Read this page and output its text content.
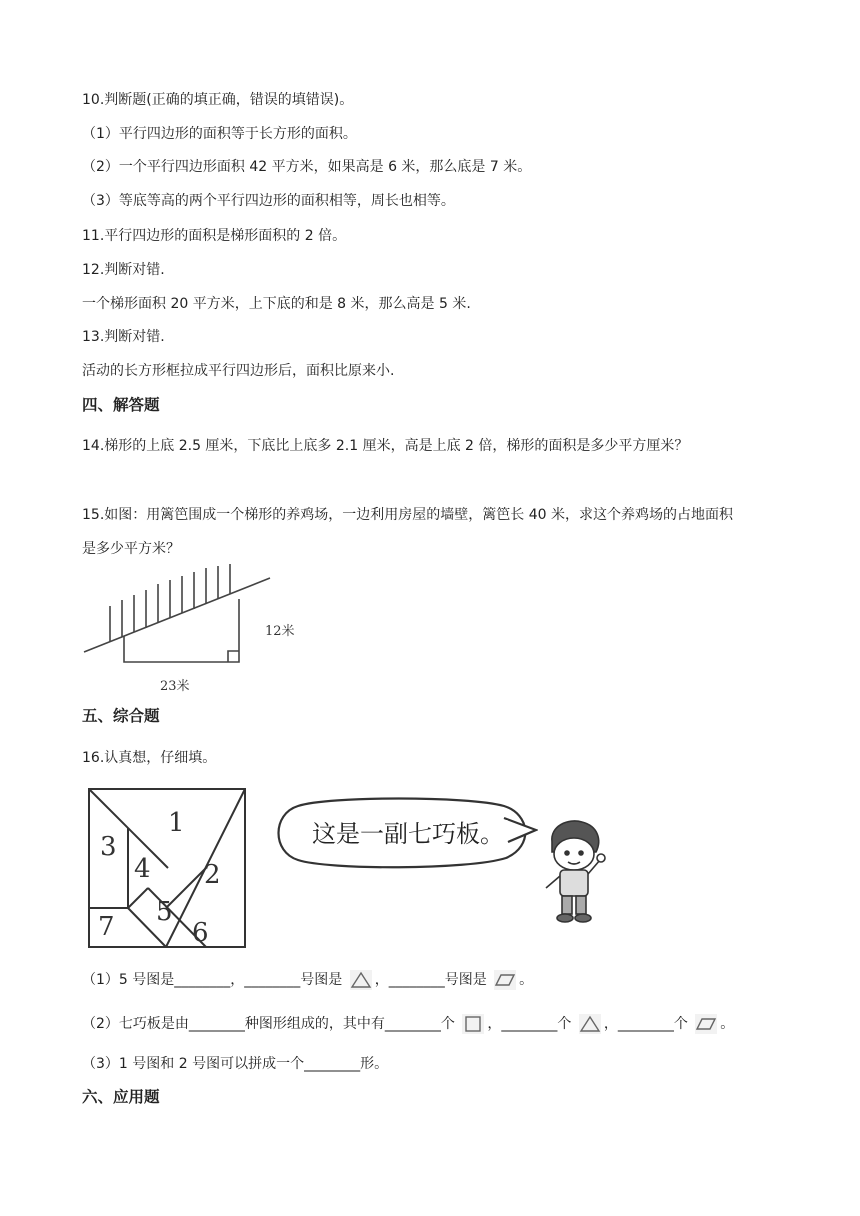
10.判断题(正确的填正确，错误的填错误)。
（1）平行四边形的面积等于长方形的面积。
（2）一个平行四边形面积 42 平方米，如果高是 6 米，那么底是 7 米。
（3）等底等高的两个平行四边形的面积相等，周长也相等。
11.平行四边形的面积是梯形面积的 2 倍。
12.判断对错.
一个梯形面积 20 平方米，上下底的和是 8 米，那么高是 5 米.
13.判断对错.
活动的长方形框拉成平行四边形后，面积比原来小.
四、解答题
14.梯形的上底 2.5 厘米，下底比上底多 2.1 厘米，高是上底 2 倍，梯形的面积是多少平方厘米？
15.如图：用篱笆围成一个梯形的养鸡场，一边利用房屋的墙壁，篱笆长 40 米，求这个养鸡场的占地面积
是多少平方米？
12米
23米
五、综合题
16.认真想，仔细填。
1
2
3
4
5
6
7
这是一副七巧板。
（1）5 号图是________，________号图是 ，________号图是 。
（2）七巧板是由________种图形组成的，其中有________个 ，________个 ，________个 。
（3）1 号图和 2 号图可以拼成一个________形。
六、应用题
